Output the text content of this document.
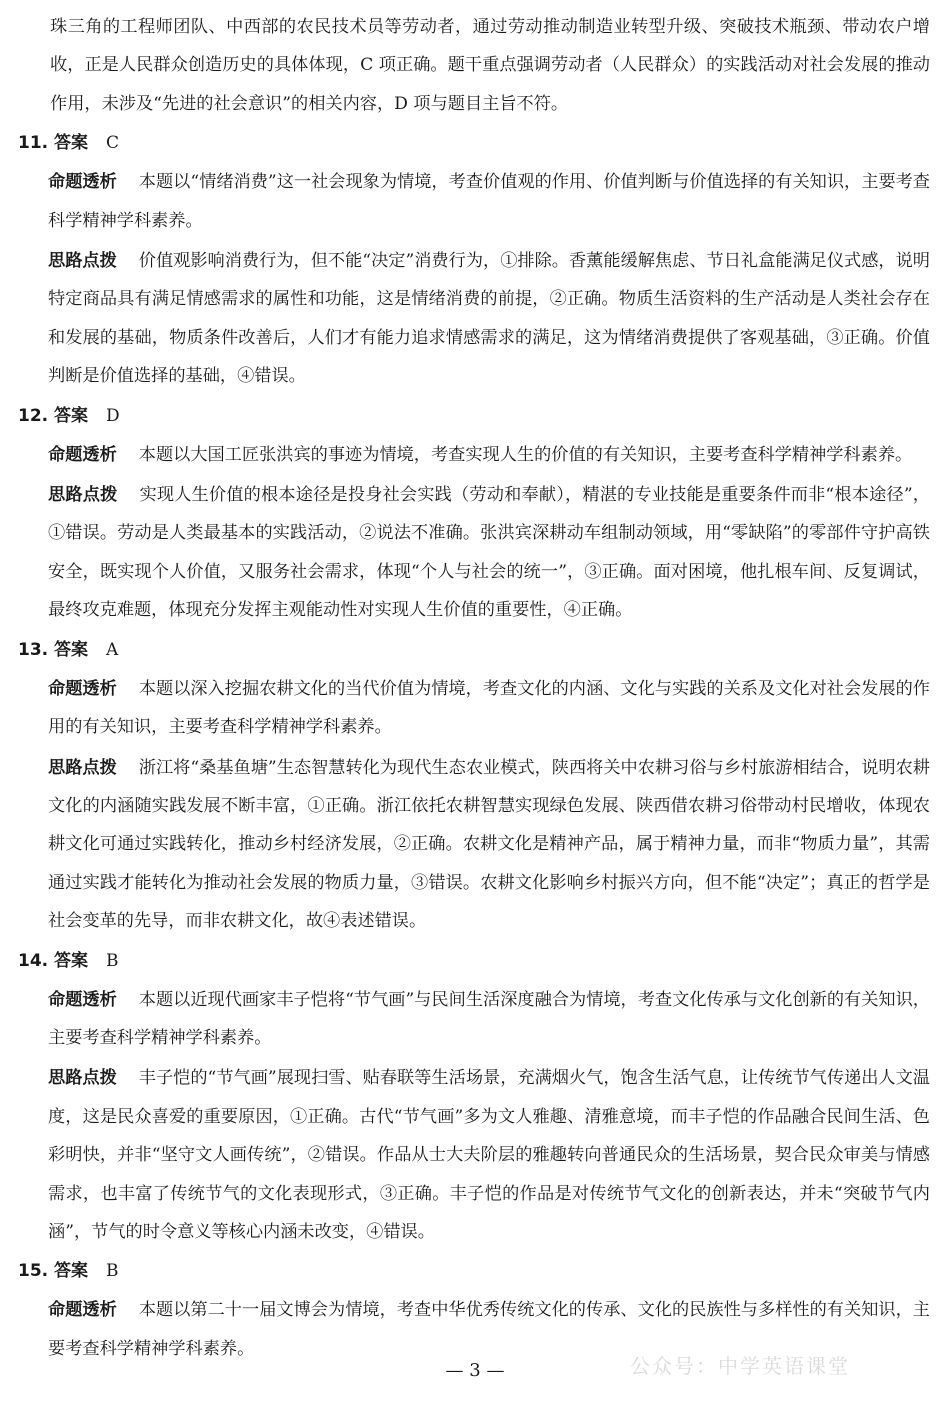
珠三角的工程师团队、中西部的农民技术员等劳动者，通过劳动推动制造业转型升级、突破技术瓶颈、带动农户增收，正是人民群众创造历史的具体体现，C 项正确。题干重点强调劳动者（人民群众）的实践活动对社会发展的推动作用，未涉及“先进的社会意识”的相关内容，D 项与题目主旨不符。

11. 答案 C

命题透析 本题以“情绪消费”这一社会现象为情境，考查价值观的作用、价值判断与价值选择的有关知识，主要考查科学精神学科素养。

思路点拨 价值观影响消费行为，但不能“决定”消费行为，①排除。香薰能缓解焦虑、节日礼盒能满足仪式感，说明特定商品具有满足情感需求的属性和功能，这是情绪消费的前提，②正确。物质生活资料的生产活动是人类社会存在和发展的基础，物质条件改善后，人们才有能力追求情感需求的满足，这为情绪消费提供了客观基础，③正确。价值判断是价值选择的基础，④错误。

12. 答案 D

命题透析 本题以大国工匠张洪宾的事迹为情境，考查实现人生的价值的有关知识，主要考查科学精神学科素养。

思路点拨 实现人生价值的根本途径是投身社会实践（劳动和奉献），精湛的专业技能是重要条件而非“根本途径”，①错误。劳动是人类最基本的实践活动，②说法不准确。张洪宾深耕动车组制动领域，用“零缺陷”的零部件守护高铁安全，既实现个人价值，又服务社会需求，体现“个人与社会的统一”，③正确。面对困境，他扎根车间、反复调试，最终攻克难题，体现充分发挥主观能动性对实现人生价值的重要性，④正确。

13. 答案 A

命题透析 本题以深入挖掘农耕文化的当代价值为情境，考查文化的内涵、文化与实践的关系及文化对社会发展的作用的有关知识，主要考查科学精神学科素养。

思路点拨 浙江将“桑基鱼塘”生态智慧转化为现代生态农业模式，陕西将关中农耕习俗与乡村旅游相结合，说明农耕文化的内涵随实践发展不断丰富，①正确。浙江依托农耕智慧实现绿色发展、陕西借农耕习俗带动村民增收，体现农耕文化可通过实践转化，推动乡村经济发展，②正确。农耕文化是精神产品，属于精神力量，而非“物质力量”，其需通过实践才能转化为推动社会发展的物质力量，③错误。农耕文化影响乡村振兴方向，但不能“决定”；真正的哲学是社会变革的先导，而非农耕文化，故④表述错误。

14. 答案 B

命题透析 本题以近现代画家丰子恺将“节气画”与民间生活深度融合为情境，考查文化传承与文化创新的有关知识，主要考查科学精神学科素养。

思路点拨 丰子恺的“节气画”展现扫雪、贴春联等生活场景，充满烟火气，饱含生活气息，让传统节气传递出人文温度，这是民众喜爱的重要原因，①正确。古代“节气画”多为文人雅趣、清雅意境，而丰子恺的作品融合民间生活、色彩明快，并非“坚守文人画传统”，②错误。作品从士大夫阶层的雅趣转向普通民众的生活场景，契合民众审美与情感需求，也丰富了传统节气的文化表现形式，③正确。丰子恺的作品是对传统节气文化的创新表达，并未“突破节气内涵”，节气的时令意义等核心内涵未改变，④错误。

15. 答案 B

命题透析 本题以第二十一届文博会为情境，考查中华优秀传统文化的传承、文化的民族性与多样性的有关知识，主要考查科学精神学科素养。

— 3 —	公众号：中学英语课堂
